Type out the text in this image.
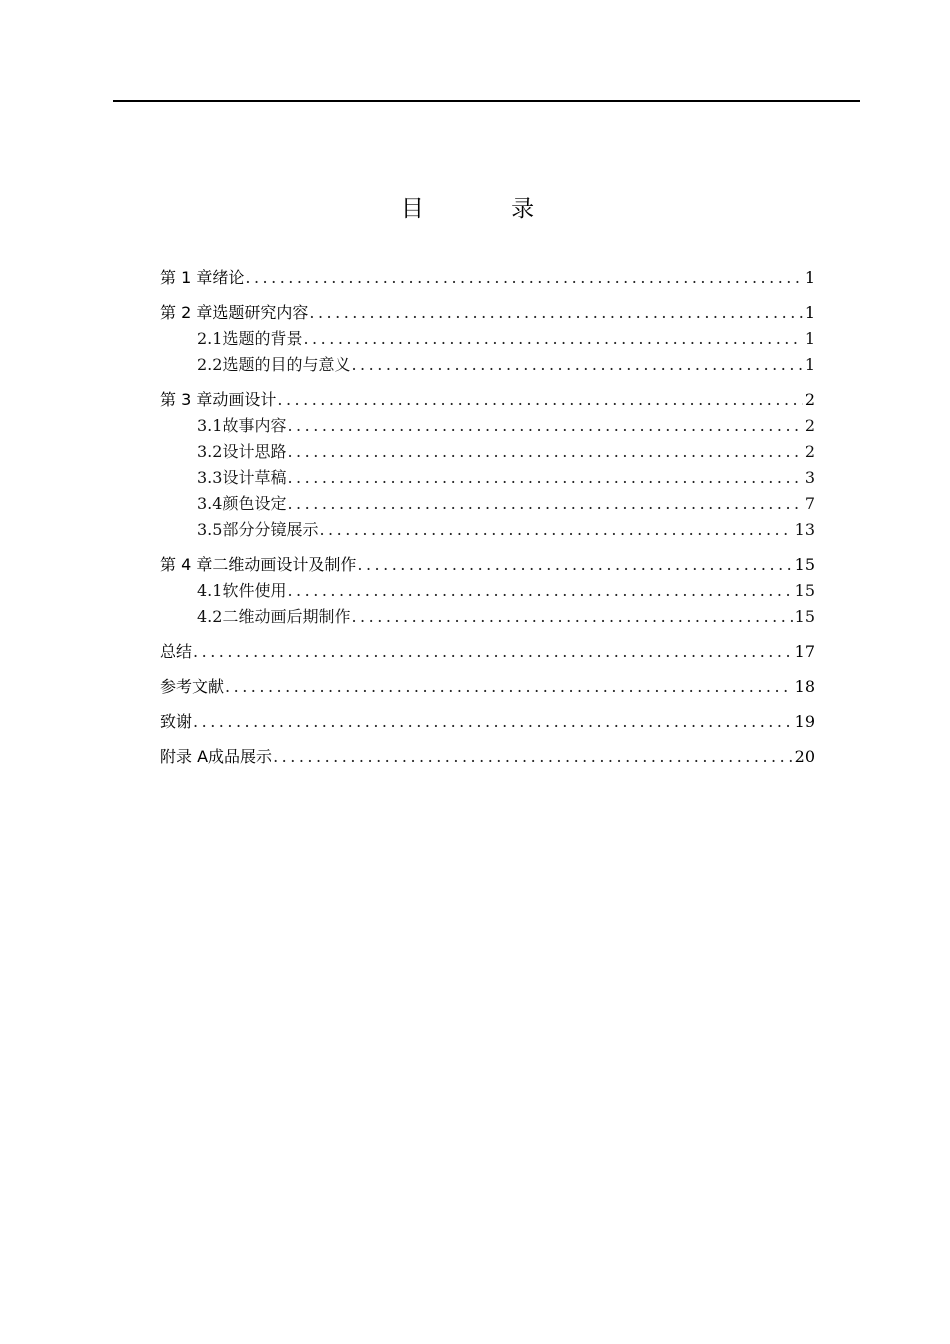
目 录
第 1 章 绪论 .....	1
第 2 章 选题研究内容 .....	1
2.1 选题的背景 .....	1
2.2 选题的目的与意义 .....	1
第 3 章 动画设计 .....	2
3.1 故事内容 .....	2
3.2 设计思路 .....	2
3.3 设计草稿 .....	3
3.4 颜色设定 .....	7
3.5 部分分镜展示 .....	13
第 4 章 二维动画设计及制作 .....	15
4.1 软件使用 .....	15
4.2 二维动画后期制作 .....	15
总结 .....	17
参考文献 .....	18
致谢 .....	19
附录 A 成品展示 .....	20
